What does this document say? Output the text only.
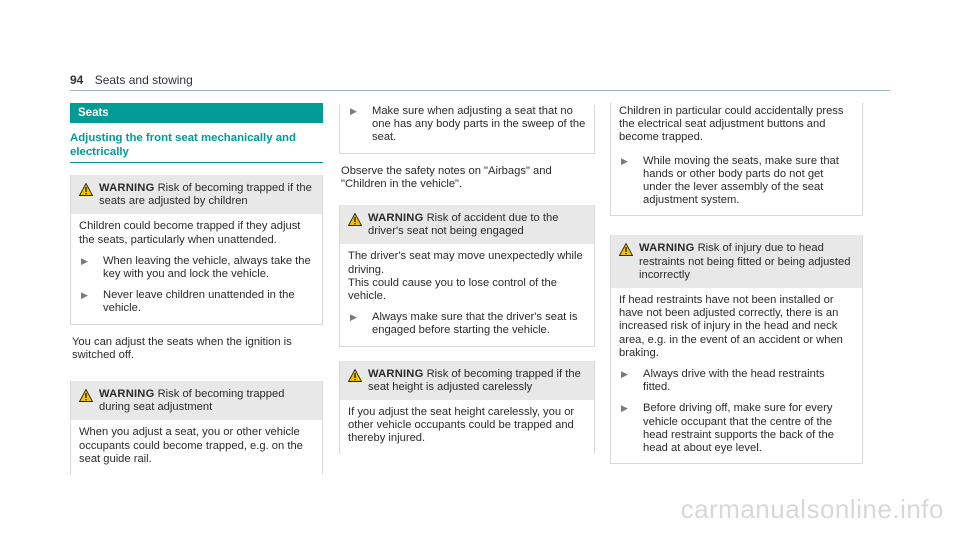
94 Seats and stowing
Seats
Adjusting the front seat mechanically and electrically
WARNING Risk of becoming trapped if the seats are adjusted by children

Children could become trapped if they adjust the seats, particularly when unattended.

▶	When leaving the vehicle, always take the key with you and lock the vehicle.
▶	Never leave children unattended in the vehicle.

You can adjust the seats when the ignition is switched off.

WARNING Risk of becoming trapped during seat adjustment

When you adjust a seat, you or other vehicle occupants could become trapped, e.g. on the seat guide rail.

▶	Make sure when adjusting a seat that no one has any body parts in the sweep of the seat.

Observe the safety notes on "Airbags" and "Children in the vehicle".

WARNING Risk of accident due to the driver's seat not being engaged

The driver's seat may move unexpectedly while driving.

This could cause you to lose control of the vehicle.

▶	Always make sure that the driver's seat is engaged before starting the vehicle.
WARNING Risk of becoming trapped if the seat height is adjusted carelessly

If you adjust the seat height carelessly, you or other vehicle occupants could be trapped and thereby injured.

Children in particular could accidentally press the electrical seat adjustment buttons and become trapped.

▶	While moving the seats, make sure that hands or other body parts do not get under the lever assembly of the seat adjustment system.
WARNING Risk of injury due to head restraints not being fitted or being adjusted incorrectly

If head restraints have not been installed or have not been adjusted correctly, there is an increased risk of injury in the head and neck area, e.g. in the event of an accident or when braking.

▶	Always drive with the head restraints fitted.
▶	Before driving off, make sure for every vehicle occupant that the centre of the head restraint supports the back of the head at about eye level.
carmanualsonline.info
